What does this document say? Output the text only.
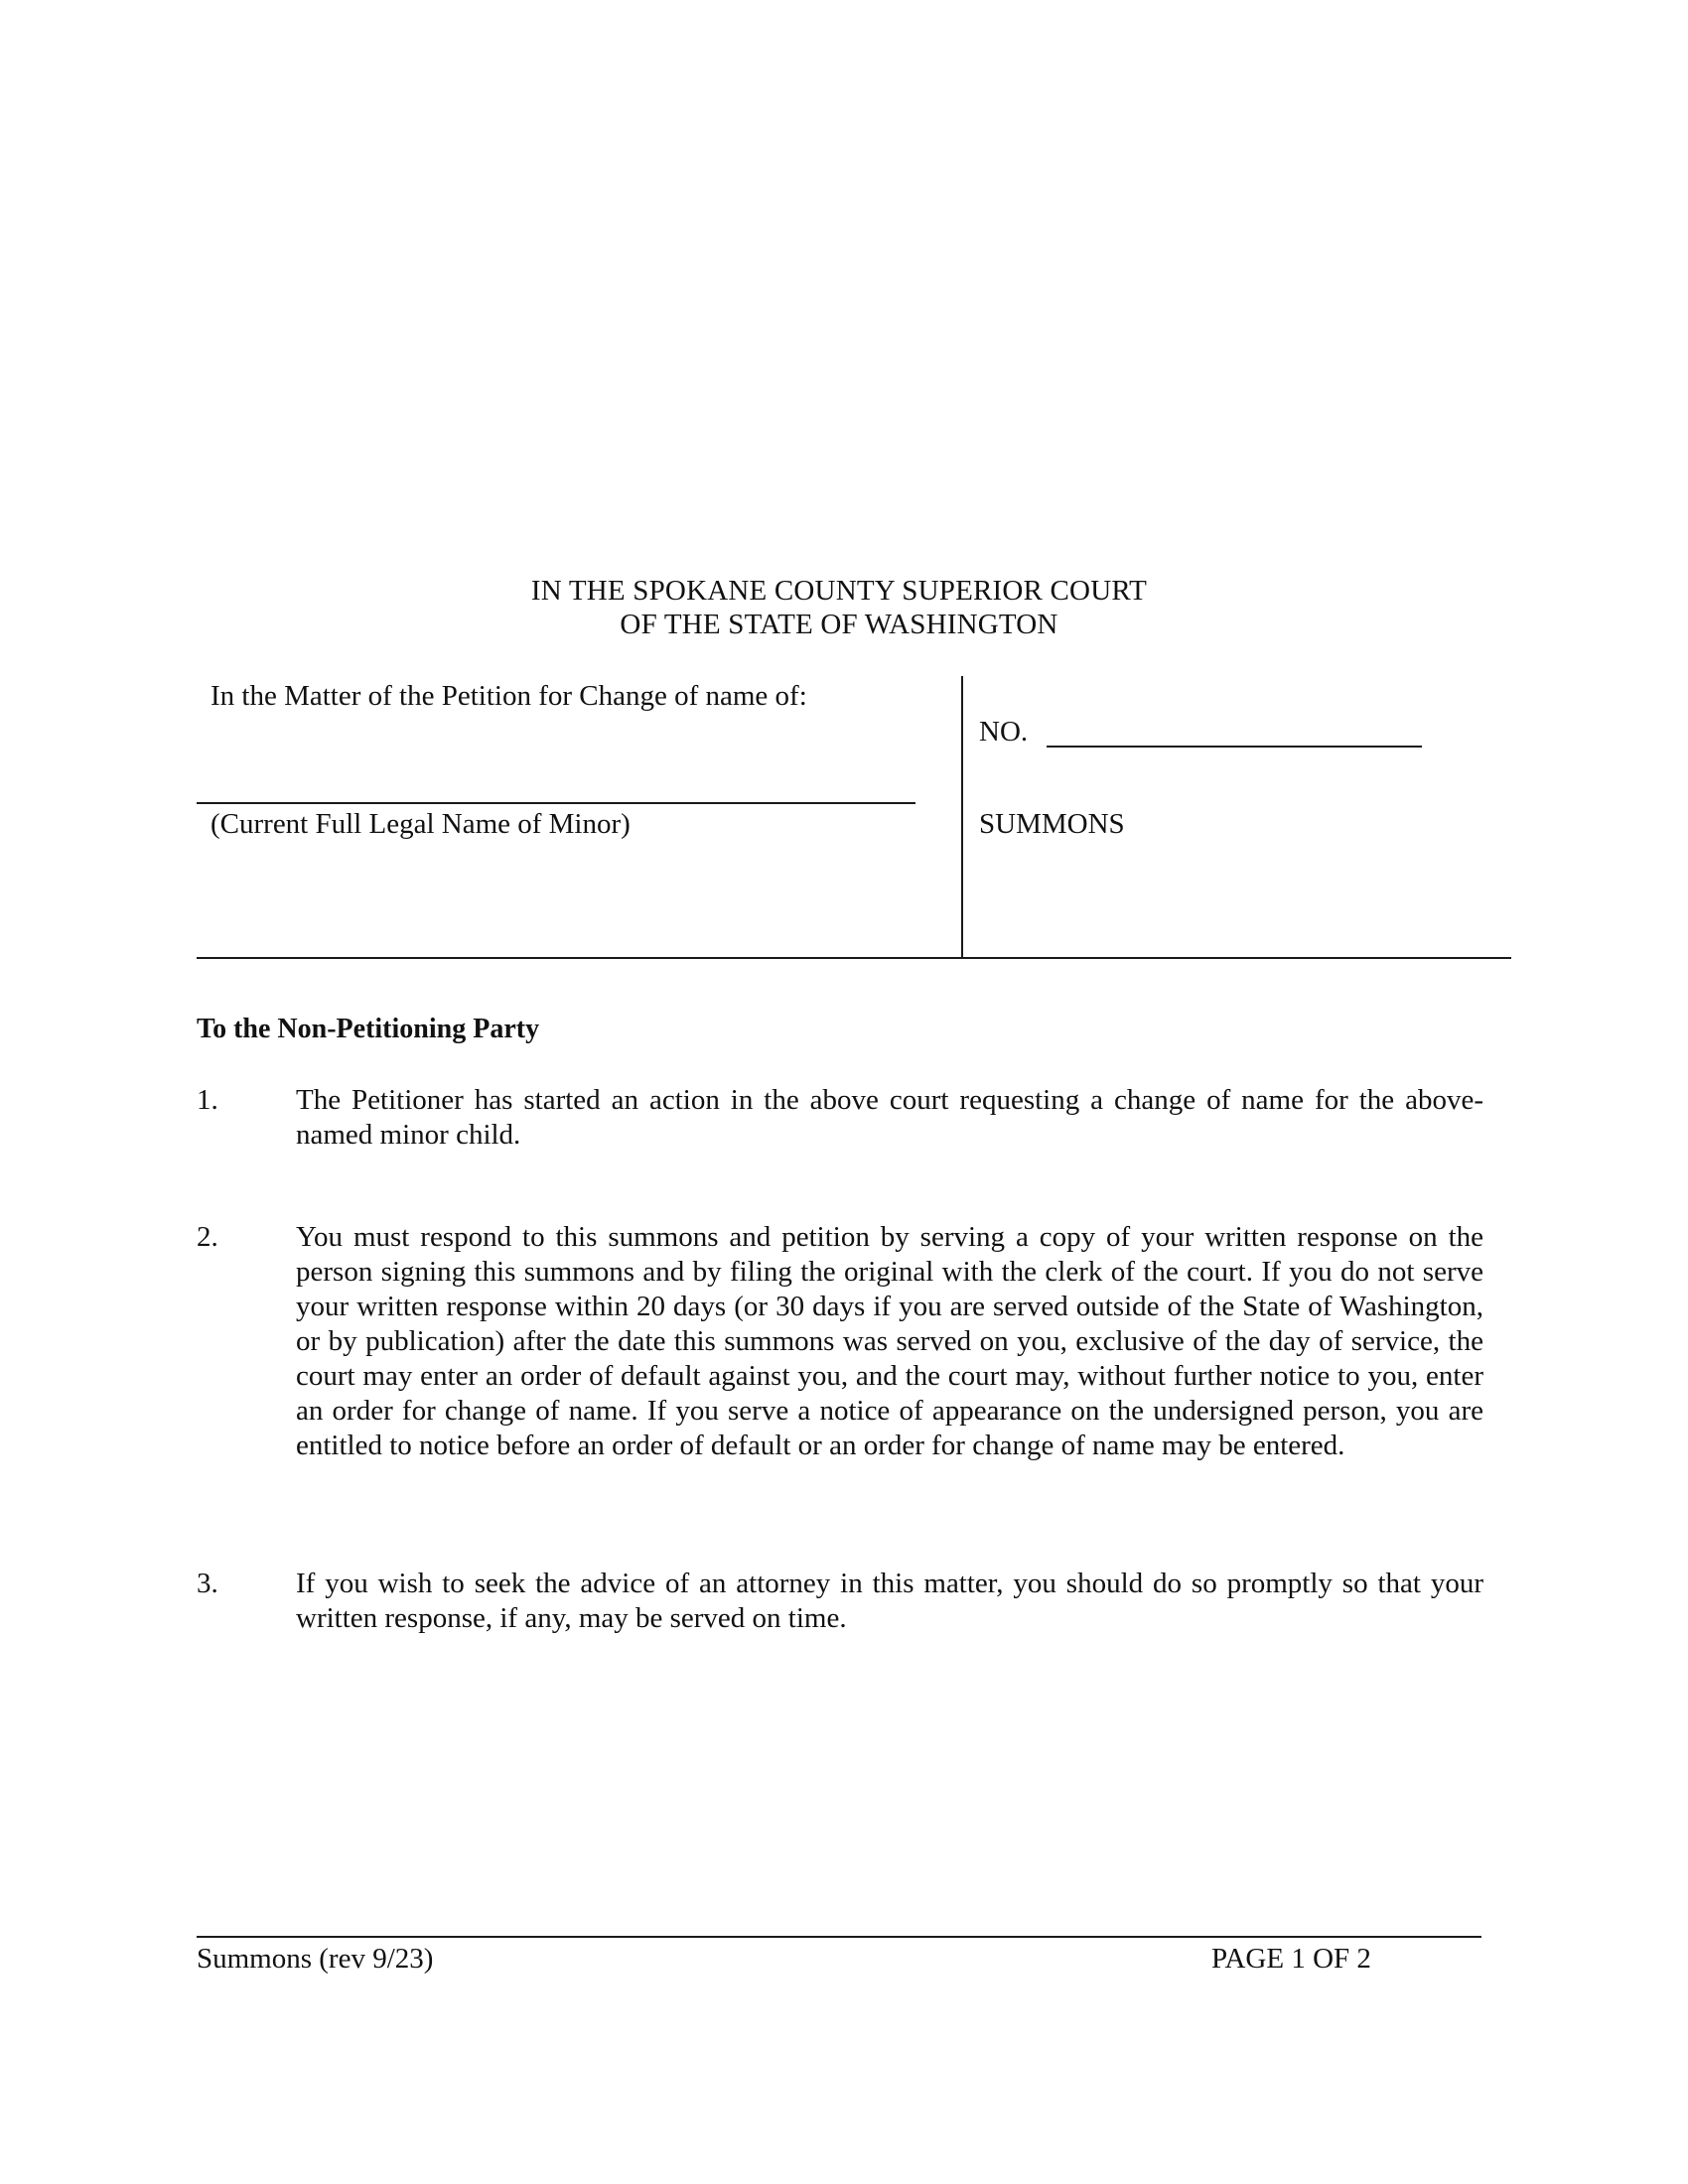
IN THE SPOKANE COUNTY SUPERIOR COURT
OF THE STATE OF WASHINGTON
In the Matter of the Petition for Change of name of:
(Current Full Legal Name of Minor)
NO.
SUMMONS
To the Non-Petitioning Party
1.	The Petitioner has started an action in the above court requesting a change of name for the above-named minor child.
2.	You must respond to this summons and petition by serving a copy of your written response on the person signing this summons and by filing the original with the clerk of the court. If you do not serve your written response within 20 days (or 30 days if you are served outside of the State of Washington, or by publication) after the date this summons was served on you, exclusive of the day of service, the court may enter an order of default against you, and the court may, without further notice to you, enter an order for change of name. If you serve a notice of appearance on the undersigned person, you are entitled to notice before an order of default or an order for change of name may be entered.
3.	If you wish to seek the advice of an attorney in this matter, you should do so promptly so that your written response, if any, may be served on time.
Summons (rev 9/23)	PAGE 1 OF 2
